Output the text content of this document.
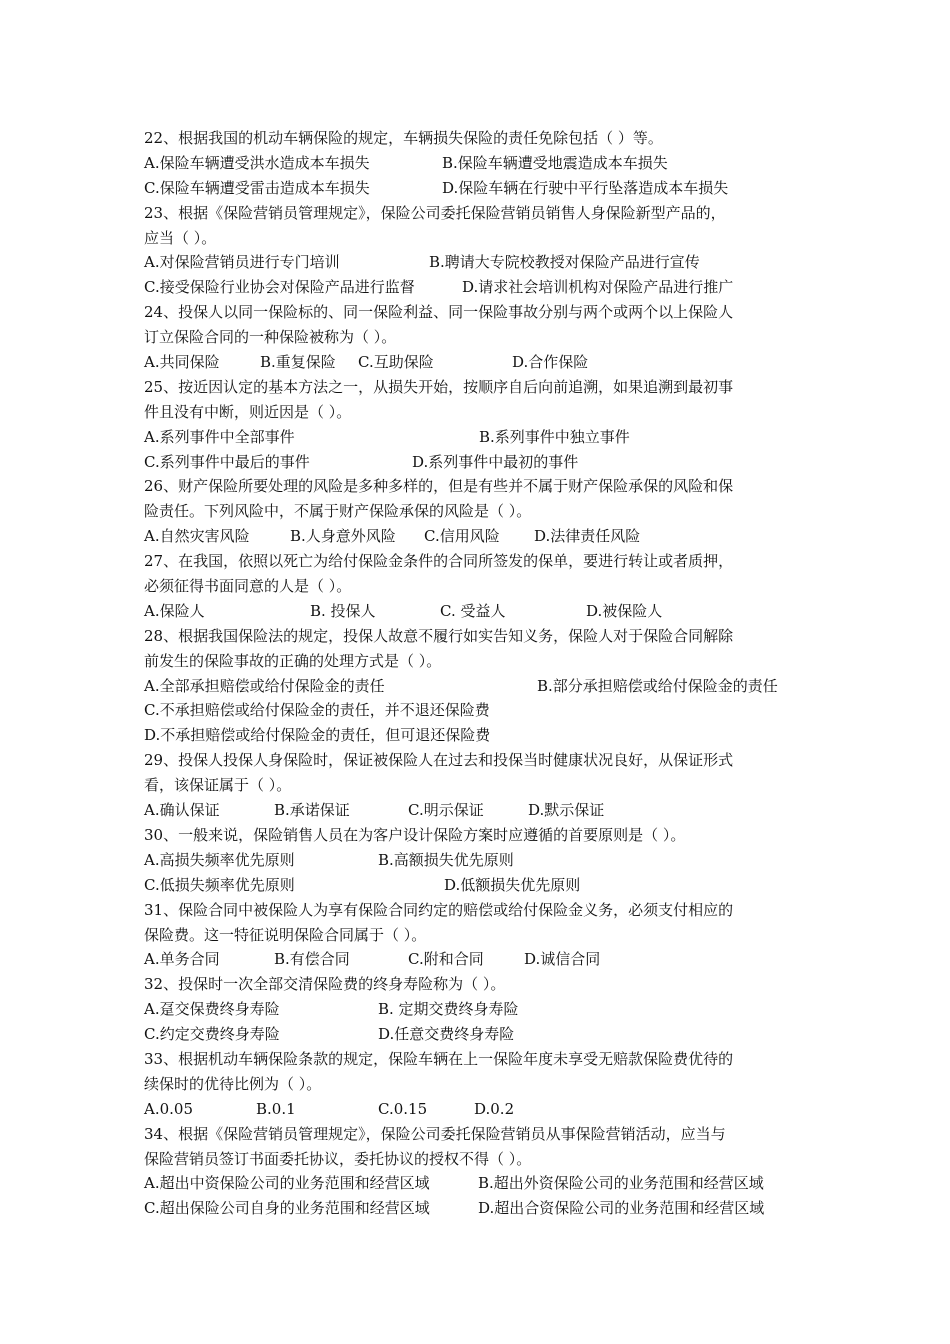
22、根据我国的机动车辆保险的规定，车辆损失保险的责任免除包括（ ）等。
A.保险车辆遭受洪水造成本车损失	B.保险车辆遭受地震造成本车损失
C.保险车辆遭受雷击造成本车损失	D.保险车辆在行驶中平行坠落造成本车损失
23、根据《保险营销员管理规定》，保险公司委托保险营销员销售人身保险新型产品的，
应当（ ）。
A.对保险营销员进行专门培训	B.聘请大专院校教授对保险产品进行宣传
C.接受保险行业协会对保险产品进行监督	D.请求社会培训机构对保险产品进行推广
24、投保人以同一保险标的、同一保险利益、同一保险事故分别与两个或两个以上保险人
订立保险合同的一种保险被称为（ ）。
A.共同保险	B.重复保险 C.互助保险	D.合作保险
25、按近因认定的基本方法之一，从损失开始，按顺序自后向前追溯，如果追溯到最初事
件且没有中断，则近因是（ ）。
A.系列事件中全部事件	B.系列事件中独立事件
C.系列事件中最后的事件	D.系列事件中最初的事件
26、财产保险所要处理的风险是多种多样的，但是有些并不属于财产保险承保的风险和保
险责任。下列风险中，不属于财产保险承保的风险是（ ）。
A.自然灾害风险	B.人身意外风险 C.信用风险 D.法律责任风险
27、在我国，依照以死亡为给付保险金条件的合同所签发的保单，要进行转让或者质押，
必须征得书面同意的人是（ ）。
A.保险人	B. 投保人	C. 受益人	D.被保险人
28、根据我国保险法的规定，投保人故意不履行如实告知义务，保险人对于保险合同解除
前发生的保险事故的正确的处理方式是（ ）。
A.全部承担赔偿或给付保险金的责任	B.部分承担赔偿或给付保险金的责任
C.不承担赔偿或给付保险金的责任，并不退还保险费
D.不承担赔偿或给付保险金的责任，但可退还保险费
29、投保人投保人身保险时，保证被保险人在过去和投保当时健康状况良好，从保证形式
看，该保证属于（ ）。
A.确认保证	B.承诺保证	C.明示保证	D.默示保证
30、一般来说，保险销售人员在为客户设计保险方案时应遵循的首要原则是（ ）。
A.高损失频率优先原则	B.高额损失优先原则
C.低损失频率优先原则	D.低额损失优先原则
31、保险合同中被保险人为享有保险合同约定的赔偿或给付保险金义务，必须支付相应的
保险费。这一特征说明保险合同属于（ ）。
A.单务合同	B.有偿合同	C.附和合同	D.诚信合同
32、投保时一次全部交清保险费的终身寿险称为（ ）。
A.趸交保费终身寿险	B. 定期交费终身寿险
C.约定交费终身寿险	D.任意交费终身寿险
33、根据机动车辆保险条款的规定，保险车辆在上一保险年度未享受无赔款保险费优待的
续保时的优待比例为（ ）。
A.0.05	B.0.1	C.0.15	D.0.2
34、根据《保险营销员管理规定》，保险公司委托保险营销员从事保险营销活动，应当与
保险营销员签订书面委托协议，委托协议的授权不得（ ）。
A.超出中资保险公司的业务范围和经营区域	B.超出外资保险公司的业务范围和经营区域
C.超出保险公司自身的业务范围和经营区域	D.超出合资保险公司的业务范围和经营区域
